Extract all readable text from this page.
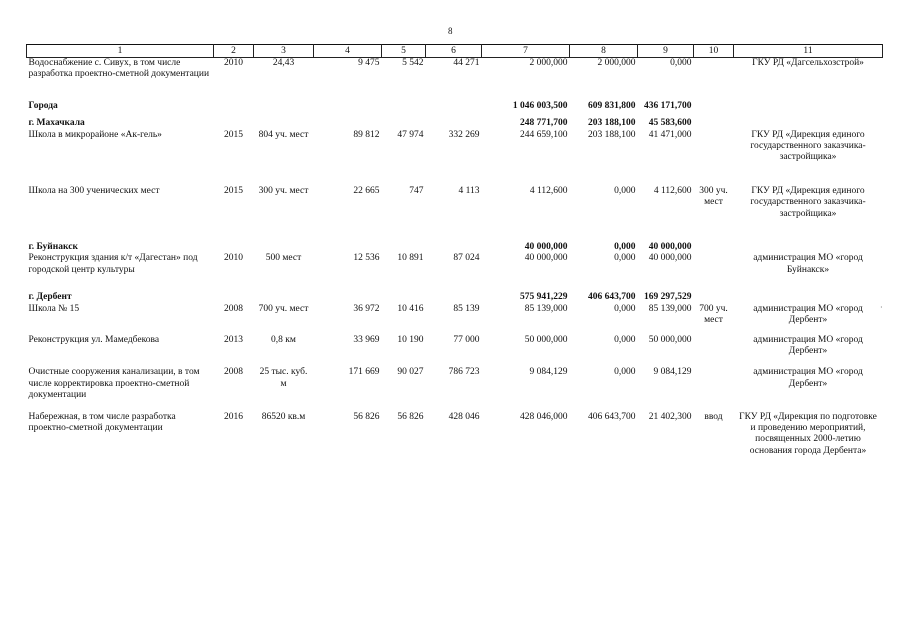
8
1	2	3	4	5	6	7	8	9	10	11
Водоснабжение с. Сивух, в том числе разработка проектно-сметной документации	2010	24,43	9 475	5 542	44 271	2 000,000	2 000,000	0,000		ГКУ РД «Дагсельхозстрой»

Города						1 046 003,500	609 831,800	436 171,700		

г. Махачкала						248 771,700	203 188,100	45 583,600		
Школа в микрорайоне «Ак-гель»	2015	804 уч. мест	89 812	47 974	332 269	244 659,100	203 188,100	41 471,000		ГКУ РД «Дирекция единого государственного заказчика-застройщика»

Школа на 300 ученических мест	2015	300 уч. мест	22 665	747	4 113	4 112,600	0,000	4 112,600	300 уч. мест	ГКУ РД «Дирекция единого государственного заказчика-застройщика»

г. Буйнакск						40 000,000	0,000	40 000,000		
Реконструкция здания к/т «Дагестан» под городской центр культуры	2010	500 мест	12 536	10 891	87 024	40 000,000	0,000	40 000,000		администрация МО «город Буйнакск»

г. Дербент						575 941,229	406 643,700	169 297,529		
Школа № 15	2008	700 уч. мест	36 972	10 416	85 139	85 139,000	0,000	85 139,000	700 уч. мест	администрация МО «город Дербент»

Реконструкция ул. Мамедбекова	2013	0,8 км	33 969	10 190	77 000	50 000,000	0,000	50 000,000		администрация МО «город Дербент»

Очистные сооружения канализации, в том числе корректировка проектно-сметной документации	2008	25 тыс. куб. м	171 669	90 027	786 723	9 084,129	0,000	9 084,129		администрация МО «город Дербент»

Набережная, в том числе разработка проектно-сметной документации	2016	86520 кв.м	56 826	56 826	428 046	428 046,000	406 643,700	21 402,300	ввод	ГКУ РД «Дирекция по подготовке и проведению мероприятий, посвященных 2000-летию основания города Дербента»
·
